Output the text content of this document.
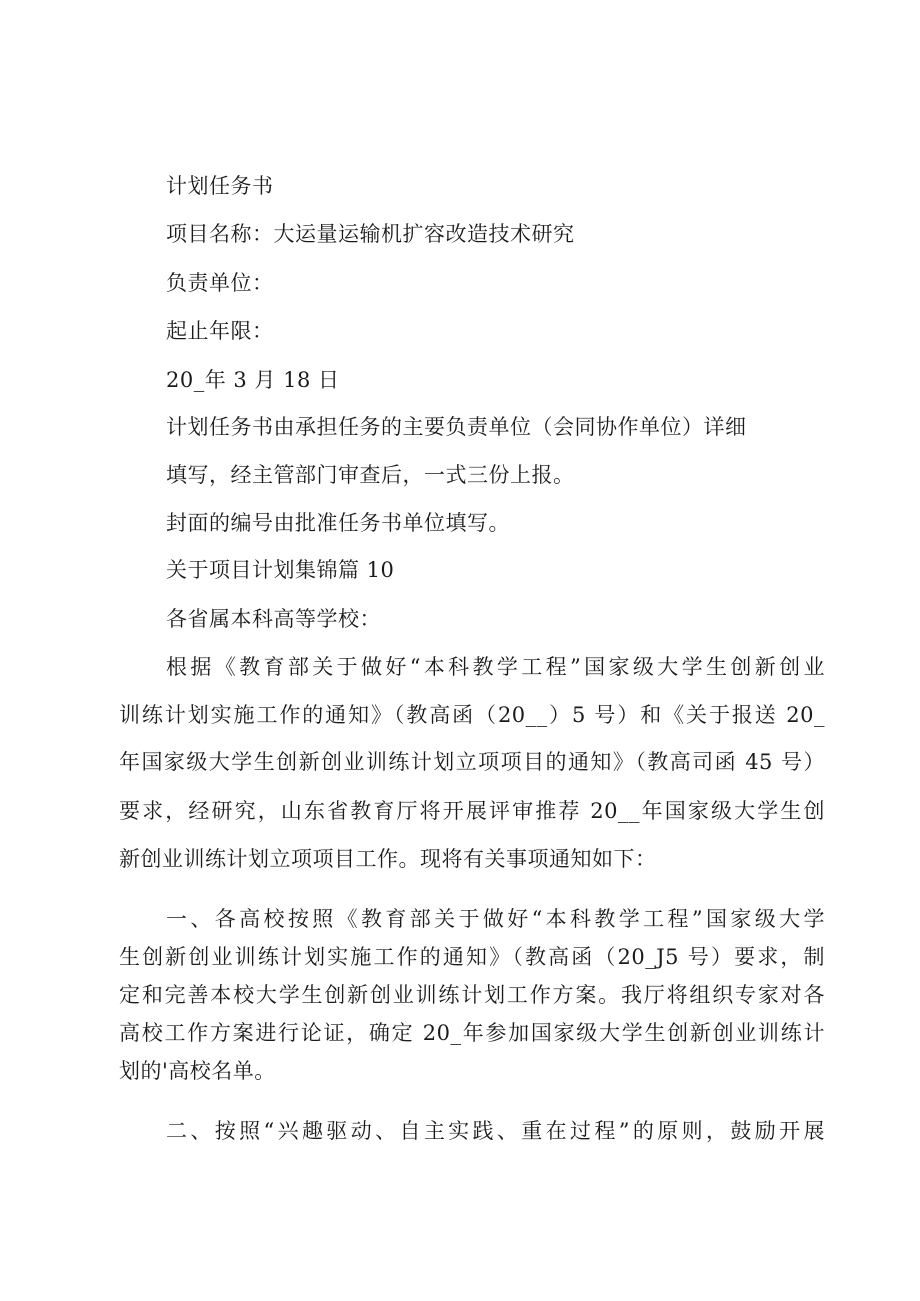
计划任务书

项目名称：大运量运输机扩容改造技术研究

负责单位：

起止年限：

20_年 3 月 18 日

计划任务书由承担任务的主要负责单位（会同协作单位）详细

填写，经主管部门审查后，一式三份上报。

封面的编号由批准任务书单位填写。

关于项目计划集锦篇 10

各省属本科高等学校：

根据《教育部关于做好“本科教学工程”国家级大学生创新创业

训练计划实施工作的通知》（教高函（20__）5 号）和《关于报送 20_

年国家级大学生创新创业训练计划立项项目的通知》（教高司函 45 号）

要求，经研究，山东省教育厅将开展评审推荐 20__年国家级大学生创

新创业训练计划立项项目工作。现将有关事项通知如下：

一、各高校按照《教育部关于做好“本科教学工程”国家级大学

生创新创业训练计划实施工作的通知》（教高函（20_J5 号）要求，制

定和完善本校大学生创新创业训练计划工作方案。我厅将组织专家对各

高校工作方案进行论证，确定 20_年参加国家级大学生创新创业训练计

划的'高校名单。

二、按照“兴趣驱动、自主实践、重在过程”的原则，鼓励开展
